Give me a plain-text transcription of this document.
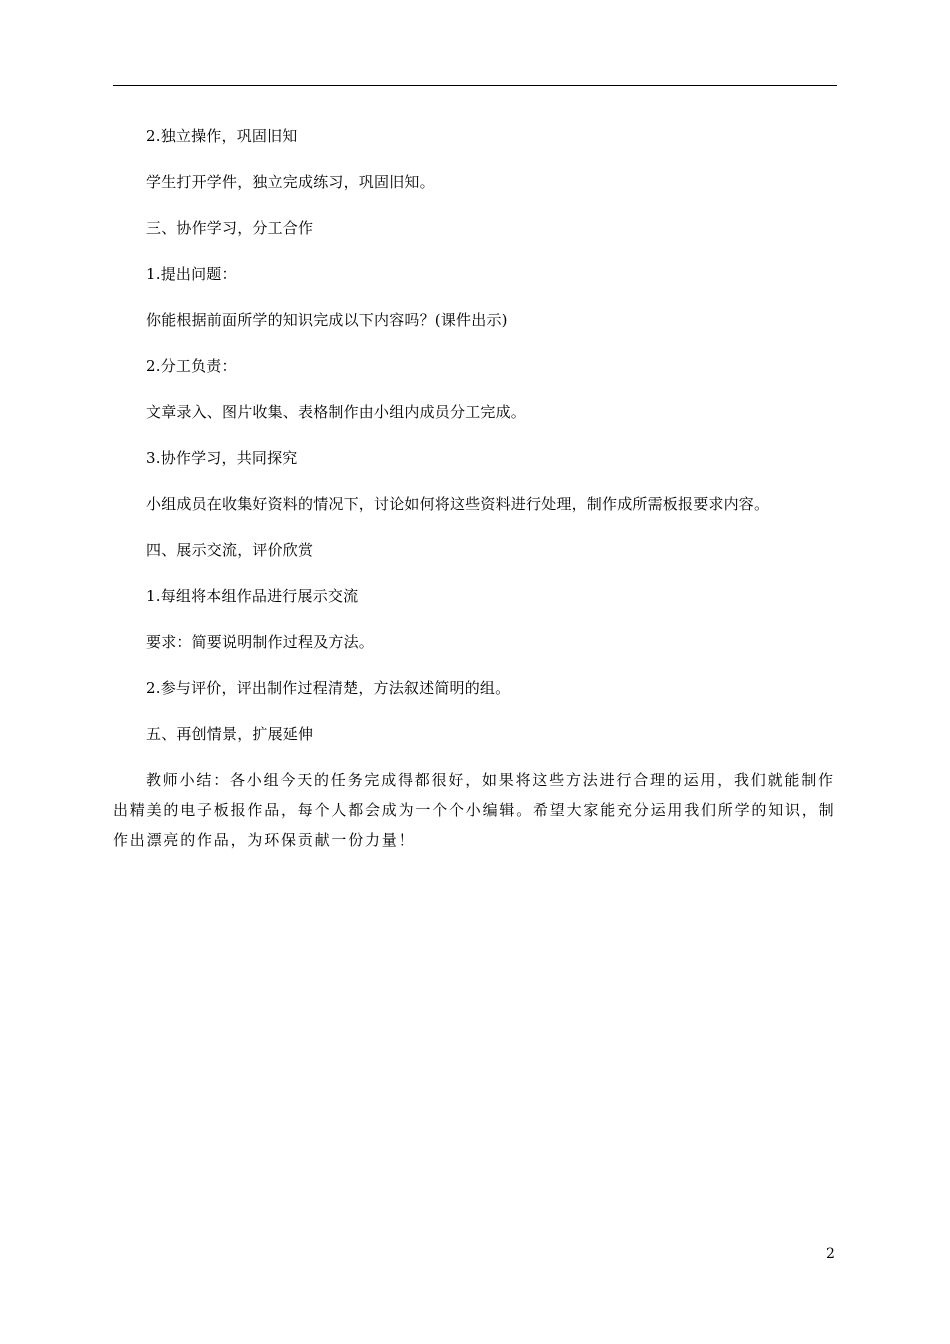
2.独立操作，巩固旧知

学生打开学件，独立完成练习，巩固旧知。

三、协作学习，分工合作

1.提出问题：

你能根据前面所学的知识完成以下内容吗？(课件出示)

2.分工负责：

文章录入、图片收集、表格制作由小组内成员分工完成。

3.协作学习，共同探究

小组成员在收集好资料的情况下，讨论如何将这些资料进行处理，制作成所需板报要求内容。

四、展示交流，评价欣赏

1.每组将本组作品进行展示交流

要求：简要说明制作过程及方法。

2.参与评价，评出制作过程清楚，方法叙述简明的组。

五、再创情景，扩展延伸

教师小结：各小组今天的任务完成得都很好，如果将这些方法进行合理的运用，我们就能制作出精美的电子板报作品，每个人都会成为一个个小编辑。希望大家能充分运用我们所学的知识，制作出漂亮的作品，为环保贡献一份力量！

2
